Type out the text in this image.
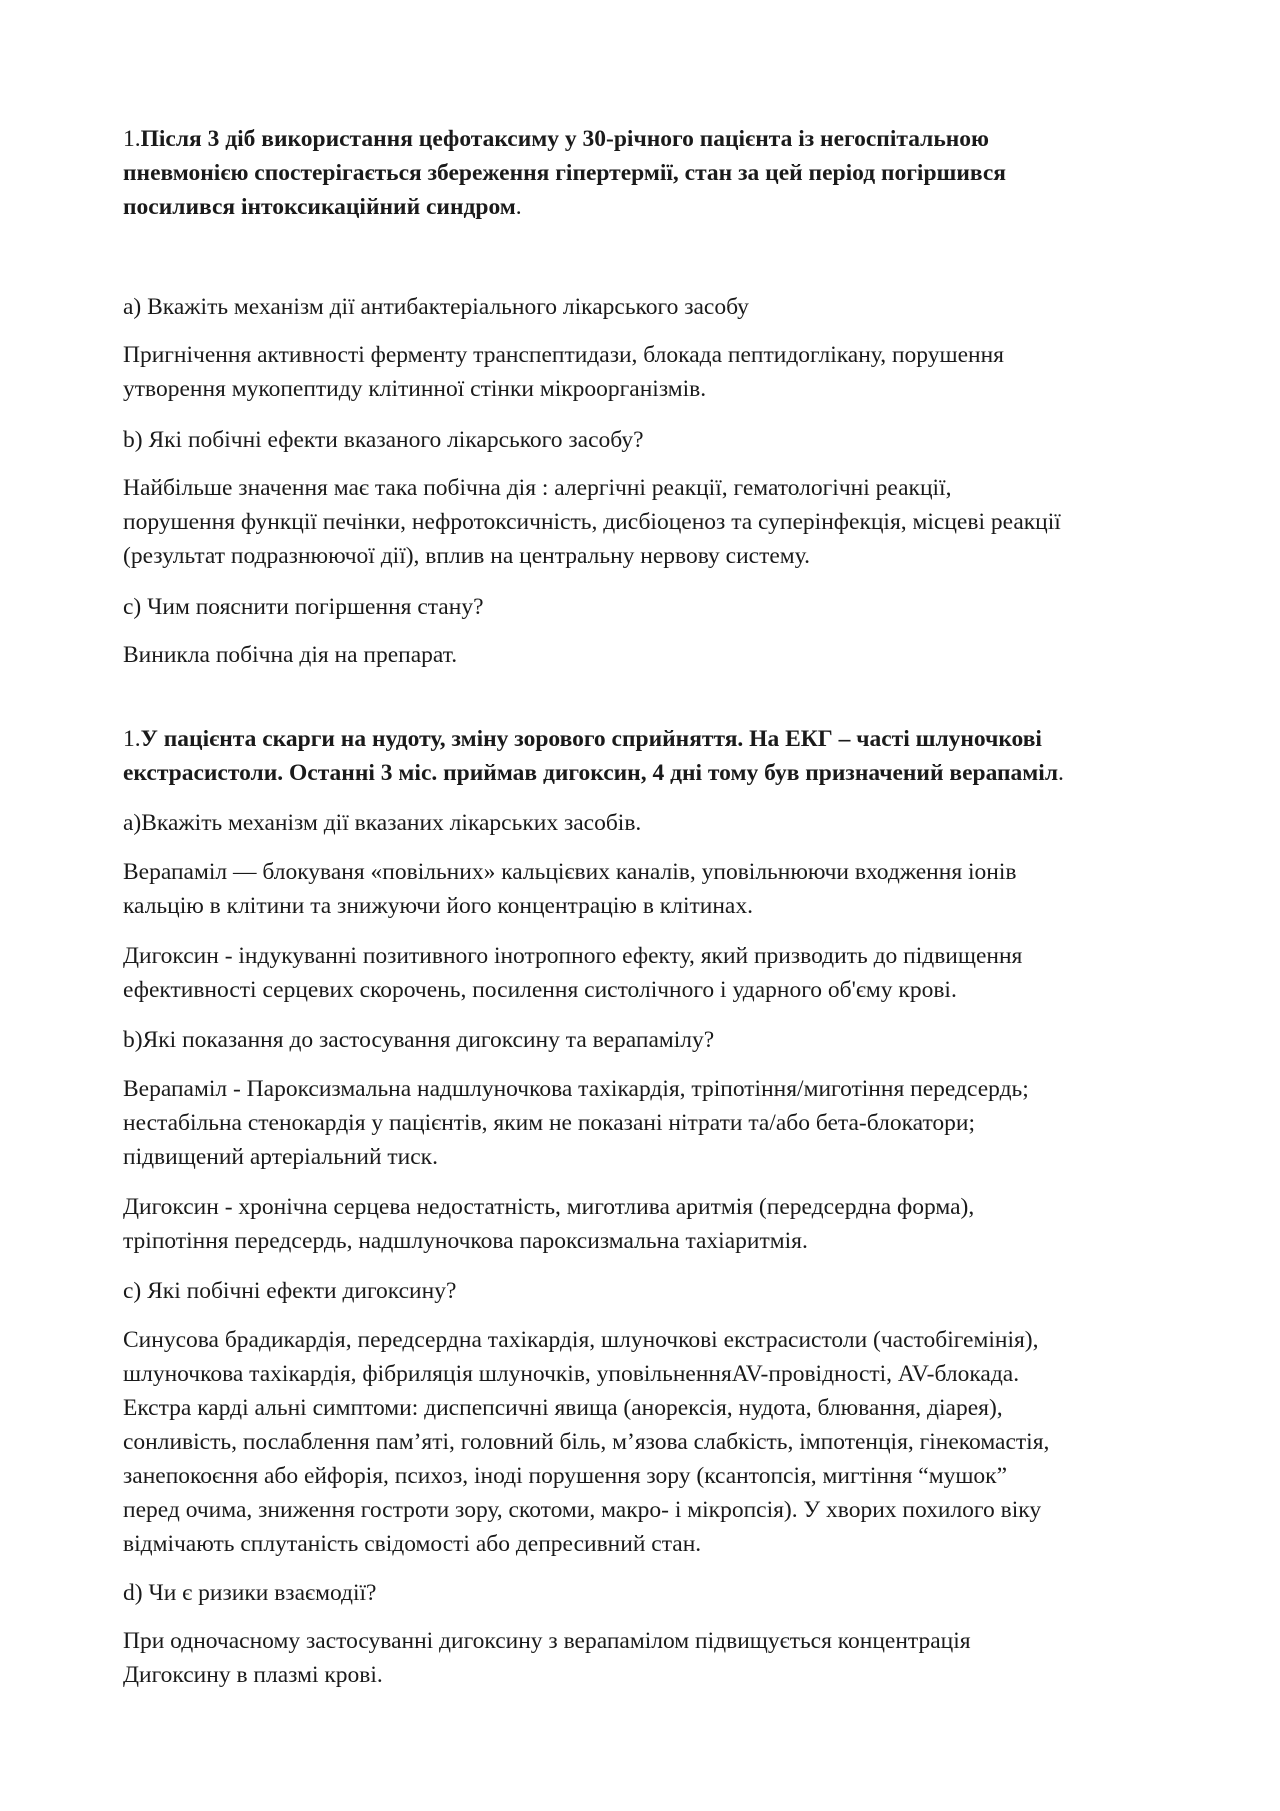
1.Після 3 діб використання цефотаксиму у 30-річного пацієнта із негоспітальною
пневмонією спостерігається збереження гіпертермії, стан за цей період погіршився
посилився інтоксикаційний синдром.

a) Вкажіть механізм дії антибактеріального лікарського засобу

Пригнічення активності ферменту транспептидази, блокада пептидоглікану, порушення
утворення мукопептиду клітинної стінки мікроорганізмів.

b) Які побічні ефекти вказаного лікарського засобу?

Найбільше значення має така побічна дія : алергічні реакції, гематологічні реакції,
порушення функції печінки, нефротоксичність, дисбіоценоз та суперінфекція, місцеві реакції
(результат подразнюючої дії), вплив на центральну нервову систему.

c) Чим пояснити погіршення стану?

Виникла побічна дія на препарат.

1.У пацієнта скарги на нудоту, зміну зорового сприйняття. На ЕКГ – часті шлуночкові
екстрасистоли. Останні 3 міс. приймав дигоксин, 4 дні тому був призначений верапаміл.

a)Вкажіть механізм дії вказаних лікарських засобів.

Верапаміл — блокуваня «повільних» кальцієвих каналів, уповільнюючи входження іонів
кальцію в клітини та знижуючи його концентрацію в клітинах.

Дигоксин - індукуванні позитивного інотропного ефекту, який призводить до підвищення
ефективності серцевих скорочень, посилення систолічного і ударного об'єму крові.

b)Які показання до застосування дигоксину та верапамілу?

Верапаміл - Пароксизмальна надшлуночкова тахікардія, тріпотіння/миготіння передсердь;
нестабільна стенокардія у пацієнтів, яким не показані нітрати та/або бета-блокатори;
підвищений артеріальний тиск.

Дигоксин - хронічна серцева недостатність, миготлива аритмія (передсердна форма),
тріпотіння передсердь, надшлуночкова пароксизмальна тахіаритмія.

c) Які побічні ефекти дигоксину?

Синусова брадикардія, передсердна тахікардія, шлуночкові екстрасистоли (частобігемінія),
шлуночкова тахікардія, фібриляція шлуночків, уповільненняAV-провідності, AV-блокада.
Екстра карді альні симптоми: диспепсичні явища (анорексія, нудота, блювання, діарея),
сонливість, послаблення пам’яті, головний біль, м’язова слабкість, імпотенція, гінекомастія,
занепокоєння або ейфорія, психоз, іноді порушення зору (ксантопсія, мигтіння “мушок”
перед очима, зниження гостроти зору, скотоми, макро- і мікропсія). У хворих похилого віку
відмічають сплутаність свідомості або депресивний стан.

d) Чи є ризики взаємодії?

При одночасному застосуванні дигоксину з верапамілом підвищується концентрація
Дигоксину в плазмі крові.
